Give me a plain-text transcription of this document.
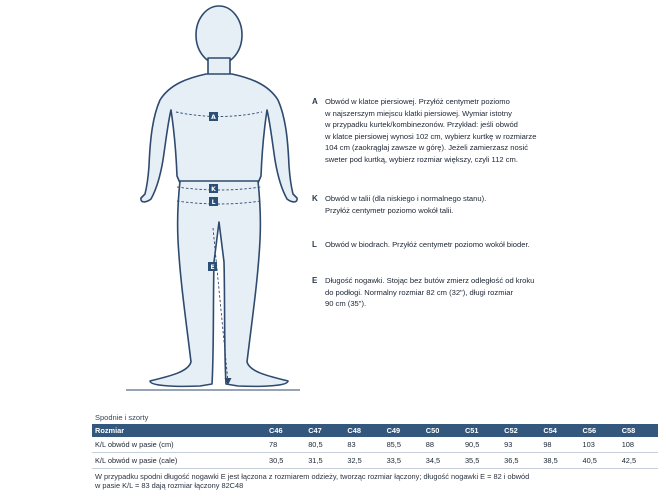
A
K
L
E
A Obwód w klatce piersiowej. Przyłóż centymetr poziomo
w najszerszym miejscu klatki piersiowej. Wymiar istotny
w przypadku kurtek/kombinezonów. Przykład: jeśli obwód
w klatce piersiowej wynosi 102 cm, wybierz kurtkę w rozmiarze
104 cm (zaokrąglaj zawsze w górę). Jeżeli zamierzasz nosić
sweter pod kurtką, wybierz rozmiar większy, czyli 112 cm.
K Obwód w talii (dla niskiego i normalnego stanu).
Przyłóż centymetr poziomo wokół talii.
L Obwód w biodrach. Przyłóż centymetr poziomo wokół bioder.
E Długość nogawki. Stojąc bez butów zmierz odległość od kroku
do podłogi. Normalny rozmiar 82 cm (32"), długi rozmiar
90 cm (35").
Spodnie i szorty
Rozmiar	C46	C47	C48	C49	C50	C51	C52	C54	C56	C58
K/L obwód w pasie (cm)	78	80,5	83	85,5	88	90,5	93	98	103	108
K/L obwód w pasie (cale)	30,5	31,5	32,5	33,5	34,5	35,5	36,5	38,5	40,5	42,5
W przypadku spodni długość nogawki E jest łączona z rozmiarem odzieży, tworząc rozmiar łączony; długość nogawki E = 82 i obwód
w pasie K/L = 83 dają rozmiar łączony 82C48
